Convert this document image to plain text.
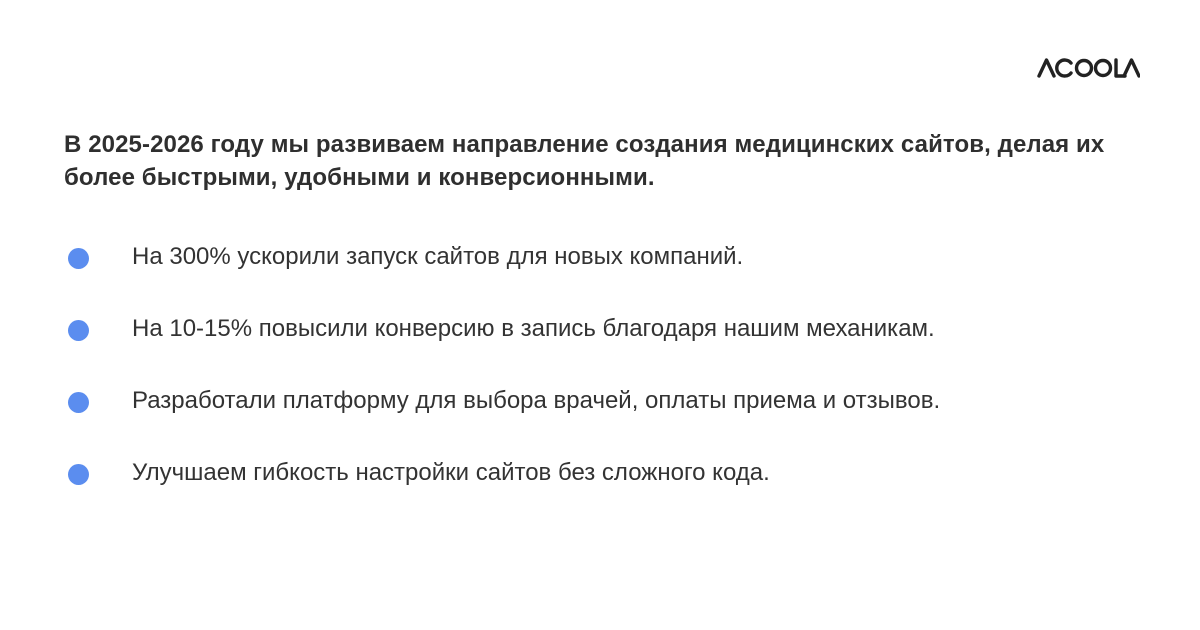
В 2025-2026 году мы развиваем направление создания медицинских сайтов, делая их более быстрыми, удобными и конверсионными.
На 300% ускорили запуск сайтов для новых компаний.
На 10-15% повысили конверсию в запись благодаря нашим механикам.
Разработали платформу для выбора врачей, оплаты приема и отзывов.
Улучшаем гибкость настройки сайтов без сложного кода.
